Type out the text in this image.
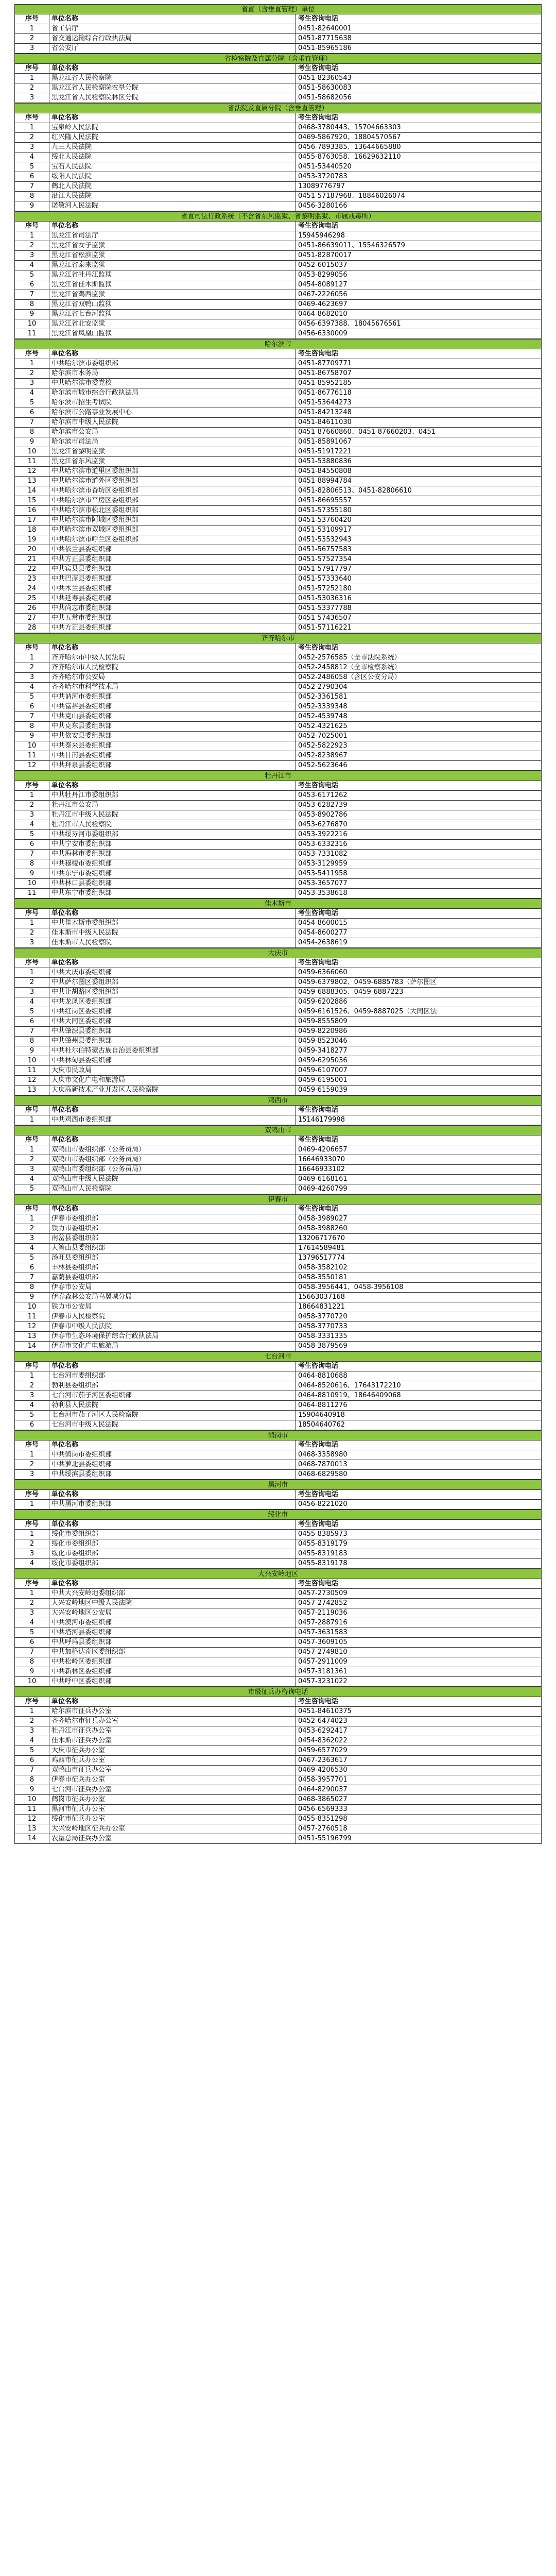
省直（含垂直管理）单位
序号	单位名称	考生咨询电话
1	省工信厅	0451-82640001
2	省交通运输综合行政执法局	0451-87715638
3	省公安厅	0451-85965186
省检察院及直属分院（含垂直管理）
序号	单位名称	考生咨询电话
1	黑龙江省人民检察院	0451-82360543
2	黑龙江省人民检察院农垦分院	0451-58630083
3	黑龙江省人民检察院林区分院	0451-58682056
省法院及直属分院（含垂直管理）
序号	单位名称	考生咨询电话
1	宝泉岭人民法院	0468-3780443、15704663303
2	红兴隆人民法院	0469-5867920、18804570567
3	九三人民法院	0456-7893385、13644665880
4	绥北人民法院	0455-8763058、16629632110
5	宝石人民法院	0451-53440520
6	绥阳人民法院	0453-3720783
7	鹤北人民法院	13089776797
8	沿江人民法院	0451-57187968、18846026074
9	诺敏河人民法院	0456-3280166
省直司法行政系统（不含省东风监狱、省黎明监狱、市属戒毒所）
序号	单位名称	考生咨询电话
1	黑龙江省司法厅	15945946298
2	黑龙江省女子监狱	0451-86639011、15546326579
3	黑龙江省松滨监狱	0451-82870017
4	黑龙江省泰来监狱	0452-6015037
5	黑龙江省牡丹江监狱	0453-8299056
6	黑龙江省佳木斯监狱	0454-8089127
7	黑龙江省鸡西监狱	0467-2226056
8	黑龙江省双鸭山监狱	0469-4623697
9	黑龙江省七台河监狱	0464-8682010
10	黑龙江省北安监狱	0456-6397388、18045676561
11	黑龙江省凤凰山监狱	0456-6330009
哈尔滨市
序号	单位名称	考生咨询电话
1	中共哈尔滨市委组织部	0451-87709771
2	哈尔滨市水务局	0451-86758707
3	中共哈尔滨市委党校	0451-85952185
4	哈尔滨市城市综合行政执法局	0451-86776118
5	哈尔滨市招生考试院	0451-53644273
6	哈尔滨市公路事业发展中心	0451-84213248
7	哈尔滨市中级人民法院	0451-84611030
8	哈尔滨市公安局	0451-87660860、0451-87660203、0451
9	哈尔滨市司法局	0451-85891067
10	黑龙江省黎明监狱	0451-51917221
11	黑龙江省东风监狱	0451-53880836
12	中共哈尔滨市道里区委组织部	0451-84550808
13	中共哈尔滨市道外区委组织部	0451-88994784
14	中共哈尔滨市香坊区委组织部	0451-82806513、0451-82806610
15	中共哈尔滨市平房区委组织部	0451-86695557
16	中共哈尔滨市松北区委组织部	0451-57355180
17	中共哈尔滨市阿城区委组织部	0451-53760420
18	中共哈尔滨市双城区委组织部	0451-53109917
19	中共哈尔滨市呼兰区委组织部	0451-53532943
20	中共依兰县委组织部	0451-56757583
21	中共方正县委组织部	0451-57527354
22	中共宾县县委组织部	0451-57917797
23	中共巴彦县委组织部	0451-57333640
24	中共木兰县委组织部	0451-57252180
25	中共延寿县委组织部	0451-53036316
26	中共尚志市委组织部	0451-53377788
27	中共五常市委组织部	0451-57436507
28	中共方正县委组织部	0451-57116221
齐齐哈尔市
序号	单位名称	考生咨询电话
1	齐齐哈尔市中级人民法院	0452-2576585（全市法院系统）
2	齐齐哈尔市人民检察院	0452-2458812（全市检察系统）
3	齐齐哈尔市公安局	0452-2486058（含区公安分局）
4	齐齐哈尔市科学技术局	0452-2790304
5	中共讷河市委组织部	0452-3361581
6	中共富裕县委组织部	0452-3339348
7	中共克山县委组织部	0452-4539748
8	中共克东县委组织部	0452-4321625
9	中共依安县委组织部	0452-7025001
10	中共泰来县委组织部	0452-5822923
11	中共甘南县委组织部	0452-8238967
12	中共拜泉县委组织部	0452-5623646
牡丹江市
序号	单位名称	考生咨询电话
1	中共牡丹江市委组织部	0453-6171262
2	牡丹江市公安局	0453-6282739
3	牡丹江市中级人民法院	0453-8902786
4	牡丹江市人民检察院	0453-6276870
5	中共绥芬河市委组织部	0453-3922216
6	中共宁安市委组织部	0453-6332316
7	中共海林市委组织部	0453-7331082
8	中共穆棱市委组织部	0453-3129959
9	中共东宁市委组织部	0453-5411958
10	中共林口县委组织部	0453-3657077
11	中共东宁市委组织部	0453-3538618
佳木斯市
序号	单位名称	考生咨询电话
1	中共佳木斯市委组织部	0454-8600015
2	佳木斯市中级人民法院	0454-8600277
3	佳木斯市人民检察院	0454-2638619
大庆市
序号	单位名称	考生咨询电话
1	中共大庆市委组织部	0459-6366060
2	中共萨尔图区委组织部	0459-6379802、0459-6885783（萨尔图区
3	中共让胡路区委组织部	0459-6888305、0459-6887223
4	中共龙凤区委组织部	0459-6202886
5	中共红岗区委组织部	0459-6161526、0459-8887025（大同区法
6	中共大同区委组织部	0459-8555809
7	中共肇源县委组织部	0459-8220986
8	中共肇州县委组织部	0459-8523046
9	中共杜尔伯特蒙古族自治县委组织部	0459-3418277
10	中共林甸县委组织部	0459-6295036
11	大庆市民政局	0459-6107007
12	大庆市文化广电和旅游局	0459-6195001
13	大庆高新技术产业开发区人民检察院	0459-6159039
鸡西市
序号	单位名称	考生咨询电话
1	中共鸡西市委组织部	15146179998
双鸭山市
序号	单位名称	考生咨询电话
1	双鸭山市委组织部（公务员局）	0469-4206657
2	双鸭山市委组织部（公务员局）	16646933070
3	双鸭山市委组织部（公务员局）	16646933102
4	双鸭山市中级人民法院	0469-6168161
5	双鸭山市人民检察院	0469-4260799
伊春市
序号	单位名称	考生咨询电话
1	伊春市委组织部	0458-3989027
2	铁力市委组织部	0458-3988260
3	南岔县委组织部	13206717670
4	大箐山县委组织部	17614589481
5	汤旺县委组织部	13796517774
6	丰林县委组织部	0458-3582102
7	嘉荫县委组织部	0458-3550181
8	伊春市公安局	0458-3956441、0458-3956108
9	伊春森林公安局乌翼城分局	15663037168
10	铁力市公安局	18664831221
11	伊春市人民检察院	0458-3770720
12	伊春市中级人民法院	0458-3770733
13	伊春市生态环境保护综合行政执法局	0458-3331335
14	伊春市文化广电旅游局	0458-3879569
七台河市
序号	单位名称	考生咨询电话
1	七台河市委组织部	0464-8810688
2	勃利县委组织部	0464-8520616、17643172210
3	七台河市茄子河区委组织部	0464-8810919、18646409068
4	勃利县人民法院	0464-8811276
5	七台河市茄子河区人民检察院	15904640918
6	七台河市中级人民法院	18504640762
鹤岗市
序号	单位名称	考生咨询电话
1	中共鹤岗市委组织部	0468-3358980
2	中共萝北县委组织部	0468-7870013
3	中共绥滨县委组织部	0468-6829580
黑河市
序号	单位名称	考生咨询电话
1	中共黑河市委组织部	0456-8221020
绥化市
序号	单位名称	考生咨询电话
1	绥化市委组织部	0455-8385973
2	绥化市委组织部	0455-8319179
3	绥化市委组织部	0455-8319183
4	绥化市委组织部	0455-8319178
大兴安岭地区
序号	单位名称	考生咨询电话
1	中共大兴安岭地委组织部	0457-2730509
2	大兴安岭地区中级人民法院	0457-2742852
3	大兴安岭地区公安局	0457-2119036
4	中共漠河市委组织部	0457-2887916
5	中共塔河县委组织部	0457-3631583
6	中共呼玛县委组织部	0457-3609105
7	中共加格达奇区委组织部	0457-2749810
8	中共松岭区委组织部	0457-2911009
9	中共新林区委组织部	0457-3181361
10	中共呼中区委组织部	0457-3231022
市级征兵办咨询电话
序号	单位名称	考生咨询电话
1	哈尔滨市征兵办公室	0451-84610375
2	齐齐哈尔市征兵办公室	0452-6474023
3	牡丹江市征兵办公室	0453-6292417
4	佳木斯市征兵办公室	0454-8362022
5	大庆市征兵办公室	0459-6577029
6	鸡西市征兵办公室	0467-2363617
7	双鸭山市征兵办公室	0469-4206530
8	伊春市征兵办公室	0458-3957701
9	七台河市征兵办公室	0464-8290037
10	鹤岗市征兵办公室	0468-3865027
11	黑河市征兵办公室	0456-6569333
12	绥化市征兵办公室	0455-8351298
13	大兴安岭地区征兵办公室	0457-2760518
14	农垦总局征兵办公室	0451-55196799
